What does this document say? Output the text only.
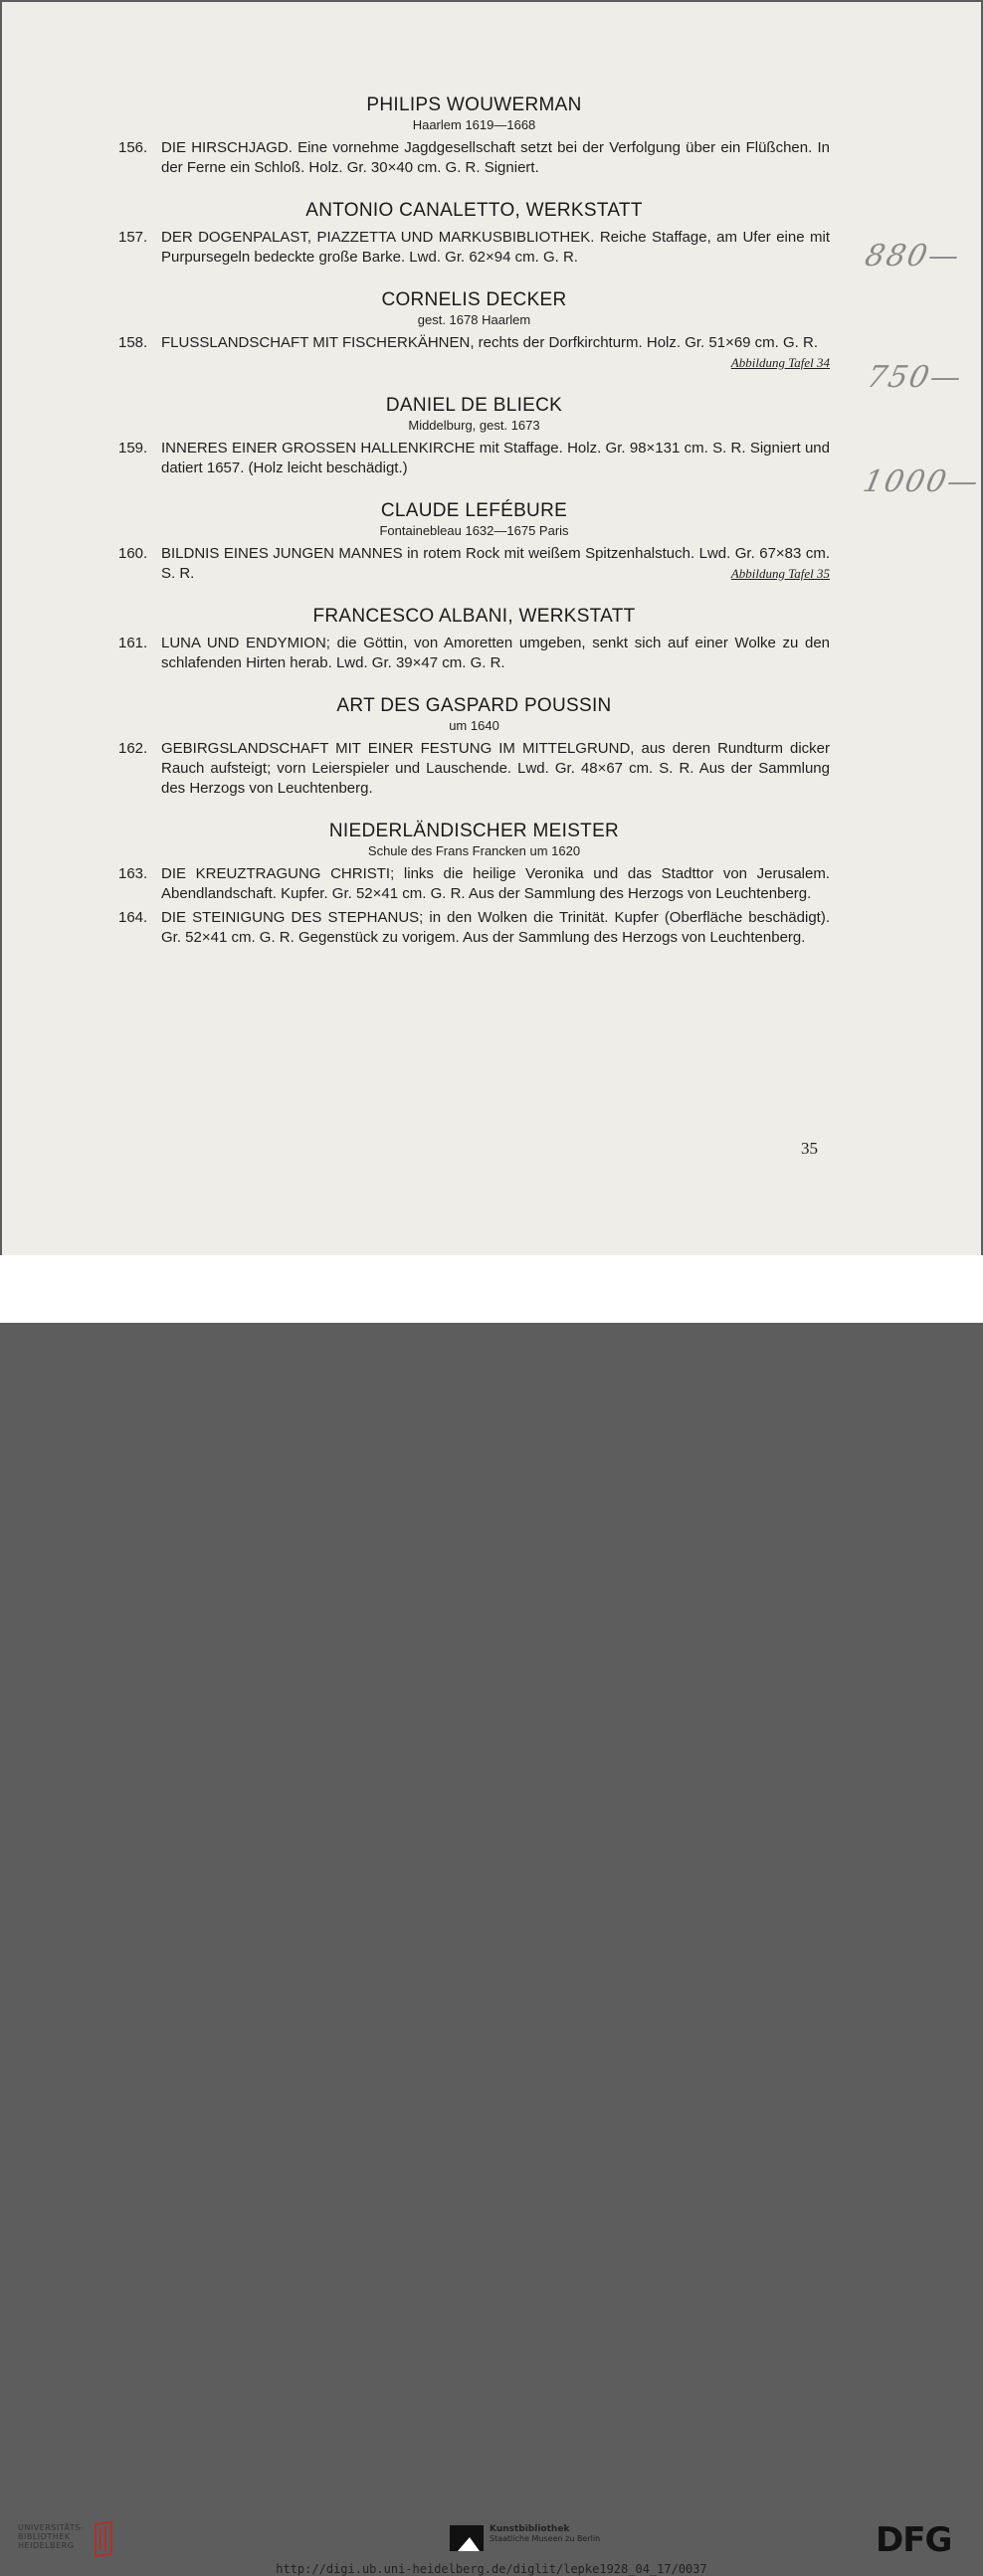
PHILIPS WOUWERMAN
Haarlem 1619—1668
156. DIE HIRSCHJAGD. Eine vornehme Jagdgesellschaft setzt bei der Verfolgung über ein Flüßchen. In der Ferne ein Schloß. Holz. Gr. 30×40 cm. G. R. Signiert.
ANTONIO CANALETTO, WERKSTATT
157. DER DOGENPALAST, PIAZZETTA UND MARKUSBIBLIOTHEK. Reiche Staffage, am Ufer eine mit Purpursegeln bedeckte große Barke. Lwd. Gr. 62×94 cm. G. R.
CORNELIS DECKER
gest. 1678 Haarlem
158. FLUSSLANDSCHAFT MIT FISCHERKÄHNEN, rechts der Dorfkirchturm. Holz. Gr. 51×69 cm. G. R.
Abbildung Tafel 34
DANIEL DE BLIECK
Middelburg, gest. 1673
159. INNERES EINER GROSSEN HALLENKIRCHE mit Staffage. Holz. Gr. 98×131 cm. S. R. Signiert und datiert 1657. (Holz leicht beschädigt.)
CLAUDE LEFÉBURE
Fontainebleau 1632—1675 Paris
160. BILDNIS EINES JUNGEN MANNES in rotem Rock mit weißem Spitzenhalstuch. Lwd. Gr. 67×83 cm. S. R.	Abbildung Tafel 35
FRANCESCO ALBANI, WERKSTATT
161. LUNA UND ENDYMION; die Göttin, von Amoretten umgeben, senkt sich auf einer Wolke zu den schlafenden Hirten herab. Lwd. Gr. 39×47 cm. G. R.
ART DES GASPARD POUSSIN
um 1640
162. GEBIRGSLANDSCHAFT MIT EINER FESTUNG IM MITTELGRUND, aus deren Rundturm dicker Rauch aufsteigt; vorn Leierspieler und Lauschende. Lwd. Gr. 48×67 cm. S. R. Aus der Sammlung des Herzogs von Leuchtenberg.
NIEDERLÄNDISCHER MEISTER
Schule des Frans Francken um 1620
163. DIE KREUZTRAGUNG CHRISTI; links die heilige Veronika und das Stadttor von Jerusalem. Abendlandschaft. Kupfer. Gr. 52×41 cm. G. R. Aus der Sammlung des Herzogs von Leuchtenberg.
164. DIE STEINIGUNG DES STEPHANUS; in den Wolken die Trinität. Kupfer (Oberfläche beschädigt). Gr. 52×41 cm. G. R. Gegenstück zu vorigem. Aus der Sammlung des Herzogs von Leuchtenberg.
35
880—
750—
1000—
UNIVERSITÄTS-
BIBLIOTHEK
HEIDELBERG
Kunstbibliothek
Staatliche Museen zu Berlin	DFG
http://digi.ub.uni-heidelberg.de/diglit/lepke1928_04_17/0037
